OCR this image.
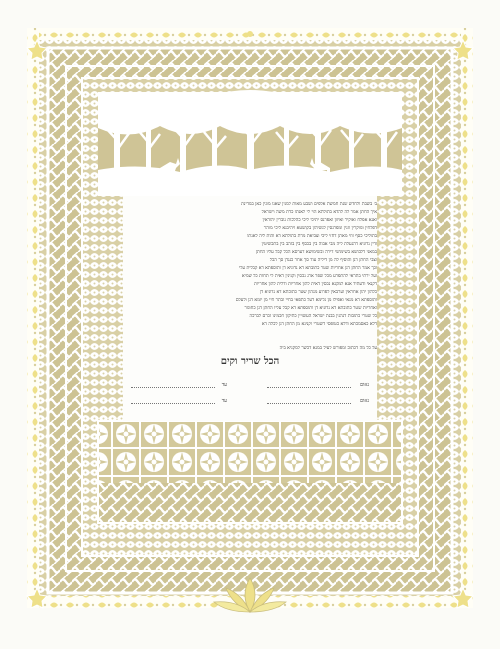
ב׳ בשבת ולחדש שנת חמשת אלפים ושבע מאות למנין שאנו מונין כאן במדינת
איך החתן אמר לה להדא בתולתא הוי לי לאנתו כדת משה וישראל
ואנא אפלח ואוקיר ואיזון ואפרנס יתיכי ליכי כהלכות גוברין יהודאין
דפלחין ומוקרין וזנין ומפרנסין לנשיהון בקושטא ויהיבנא ליכי מוהר
בתוליכי כסף זוזי מאתן דחזי ליכי וצביאת מרת בתולתא דא והות ליה לאנתו
ודין נדוניא דהנעלת ליה מבי אבוה בין בכסף בין בזהב בין בתכשיטין
במאני דלבושא בשימושי דירה ובשימושא דערסא הכל קבל עליו החתן
וצבי החתן דנן והוסיף לה מן דיליה עוד סך אחר כנגדן סך הכל
וכך אמר החתן דנן אחריות שטר כתובתא דא נדוניא דן ותוספתא דא קבלית עלי
ועל ירתי בתראי להתפרע מכל שפר ארג נכסין וקנינין דאית לי תחות כל שמיא
דקנאי ודעתיד אנא למקנא נכסין דאית להון אחריות ודלית להון אחריות
כלהון יהון אחראין וערבאין לפרוע מנהון שטר כתובתא דא נדוניא דן
ותוספתא דא מנאי ואפילו מן גלימא דעל כתפאי בחיי ובתר חיי מן יומא דנן ולעלם
ואחריות שטר כתובתא דא נדוניא דן ותוספתא דא קבל עליו החתן דנן כחומר
כל שטרי כתובות דנהגין בבנת ישראל העשויין כתיקון חכמינו זכרם לברכה
דלא כאסמכתא ודלא כטופסי דשטרי וקנינא מן החתן דנן לכלה דא
על כל מה דכתוב ומפורש לעיל במנא דכשר למקניא ביה
הכל שריר וקים
נאום
עד
נאום
עד
